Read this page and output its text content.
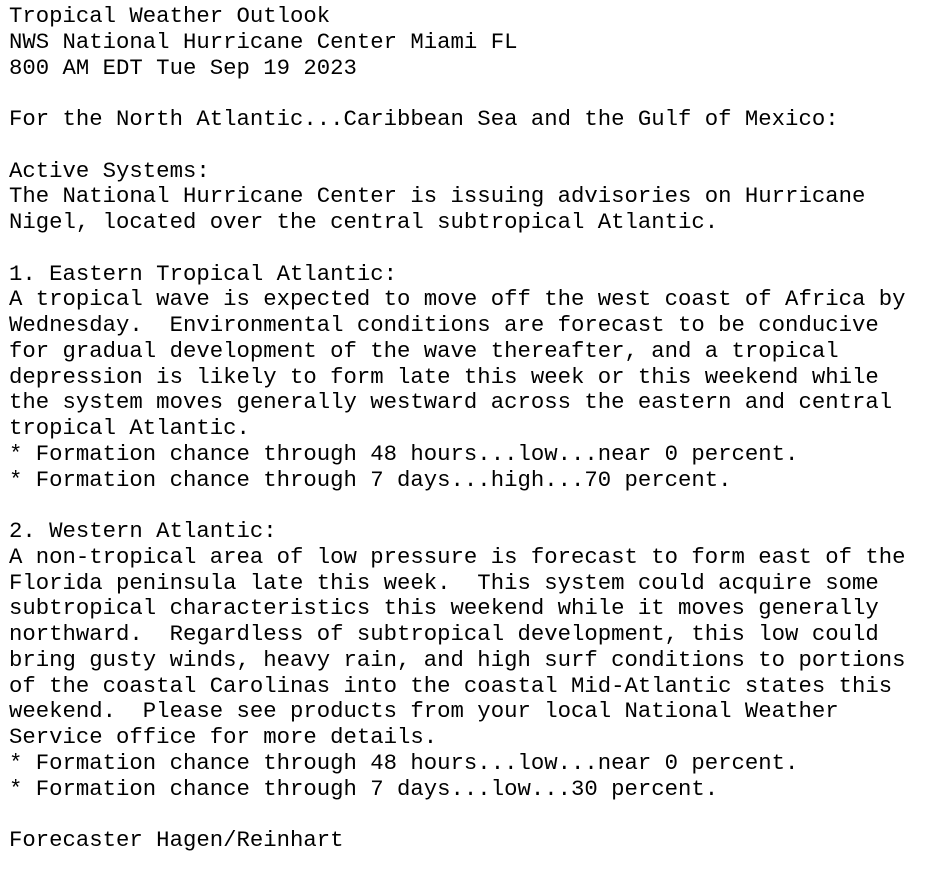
Tropical Weather Outlook
NWS National Hurricane Center Miami FL
800 AM EDT Tue Sep 19 2023
For the North Atlantic...Caribbean Sea and the Gulf of Mexico:
Active Systems:
The National Hurricane Center is issuing advisories on Hurricane
Nigel, located over the central subtropical Atlantic.
1. Eastern Tropical Atlantic:
A tropical wave is expected to move off the west coast of Africa by
Wednesday.  Environmental conditions are forecast to be conducive
for gradual development of the wave thereafter, and a tropical
depression is likely to form late this week or this weekend while
the system moves generally westward across the eastern and central
tropical Atlantic.
* Formation chance through 48 hours...low...near 0 percent.
* Formation chance through 7 days...high...70 percent.
2. Western Atlantic:
A non-tropical area of low pressure is forecast to form east of the
Florida peninsula late this week.  This system could acquire some
subtropical characteristics this weekend while it moves generally
northward.  Regardless of subtropical development, this low could
bring gusty winds, heavy rain, and high surf conditions to portions
of the coastal Carolinas into the coastal Mid-Atlantic states this
weekend.  Please see products from your local National Weather
Service office for more details.
* Formation chance through 48 hours...low...near 0 percent.
* Formation chance through 7 days...low...30 percent.
Forecaster Hagen/Reinhart
